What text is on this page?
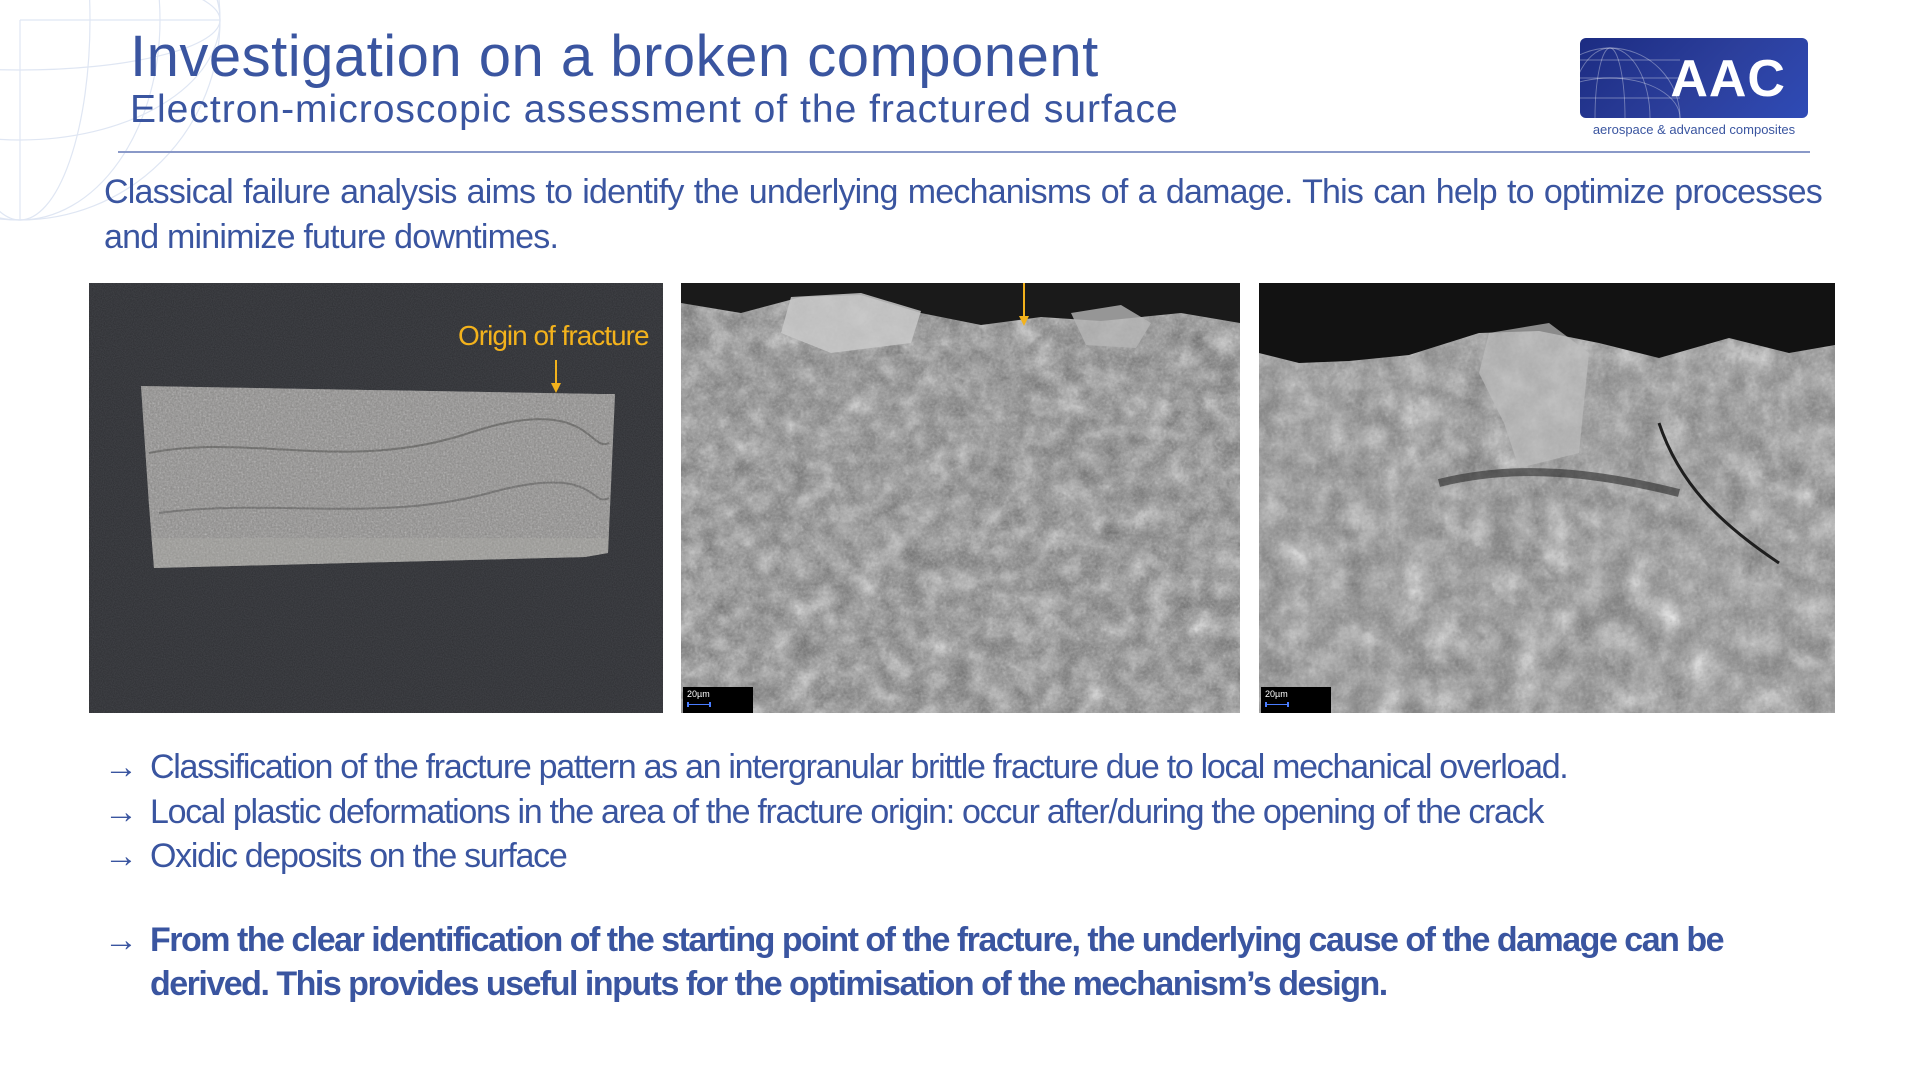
Investigation on a broken component
Electron-microscopic assessment of the fractured surface
AAC
aerospace & advanced composites

Classical failure analysis aims to identify the underlying mechanisms of a damage. This can help to optimize processes and minimize future downtimes.

Origin of fracture
20µm	20µm
→ Classification of the fracture pattern as an intergranular brittle fracture due to local mechanical overload.
→ Local plastic deformations in the area of the fracture origin: occur after/during the opening of the crack
→ Oxidic deposits on the surface

→ From the clear identification of the starting point of the fracture, the underlying cause of the damage can be derived. This provides useful inputs for the optimisation of the mechanism’s design.
